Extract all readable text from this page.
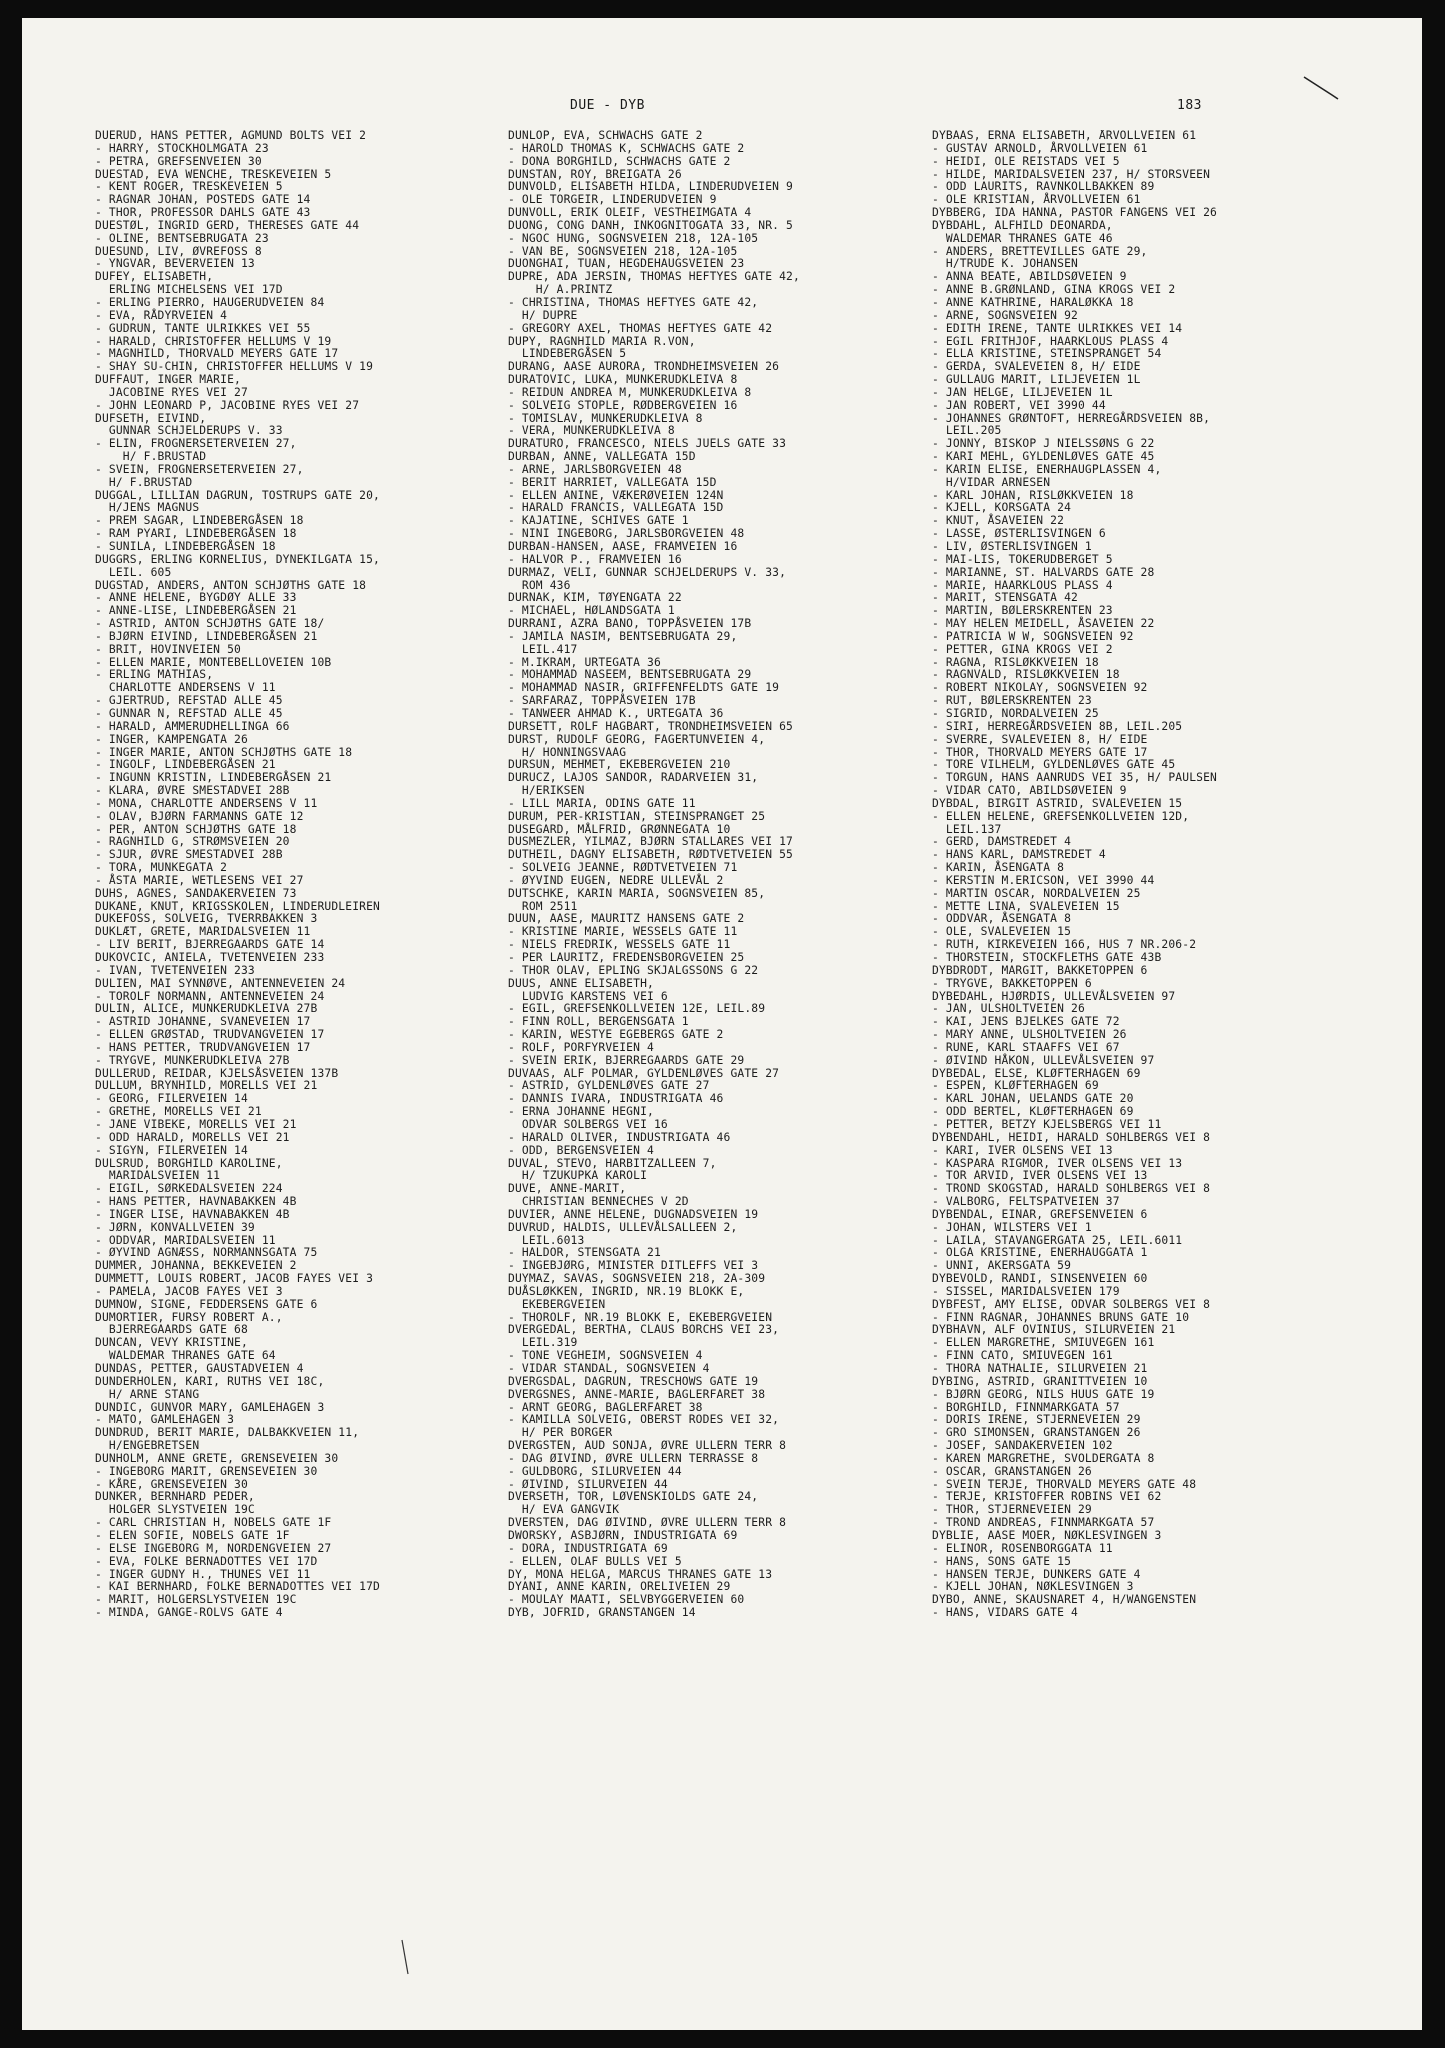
DUE - DYB	183
DUERUD, HANS PETTER, AGMUND BOLTS VEI 2
- HARRY, STOCKHOLMGATA 23
- PETRA, GREFSENVEIEN 30
DUESTAD, EVA WENCHE, TRESKEVEIEN 5
- KENT ROGER, TRESKEVEIEN 5
- RAGNAR JOHAN, POSTEDS GATE 14
- THOR, PROFESSOR DAHLS GATE 43
DUESTØL, INGRID GERD, THERESES GATE 44
- OLINE, BENTSEBRUGATA 23
DUESUND, LIV, ØVREFOSS 8
- YNGVAR, BEVERVEIEN 13
DUFEY, ELISABETH,
ERLING MICHELSENS VEI 17D
- ERLING PIERRO, HAUGERUDVEIEN 84
- EVA, RÅDYRVEIEN 4
- GUDRUN, TANTE ULRIKKES VEI 55
- HARALD, CHRISTOFFER HELLUMS V 19
- MAGNHILD, THORVALD MEYERS GATE 17
- SHAY SU-CHIN, CHRISTOFFER HELLUMS V 19
DUFFAUT, INGER MARIE,
JACOBINE RYES VEI 27
- JOHN LEONARD P, JACOBINE RYES VEI 27
DUFSETH, EIVIND,
GUNNAR SCHJELDERUPS V. 33
- ELIN, FROGNERSETERVEIEN 27,
H/ F.BRUSTAD
- SVEIN, FROGNERSETERVEIEN 27,
H/ F.BRUSTAD
DUGGAL, LILLIAN DAGRUN, TOSTRUPS GATE 20,
H/JENS MAGNUS
- PREM SAGAR, LINDEBERGÅSEN 18
- RAM PYARI, LINDEBERGÅSEN 18
- SUNILA, LINDEBERGÅSEN 18
DUGGRS, ERLING KORNELIUS, DYNEKILGATA 15,
LEIL. 605
DUGSTAD, ANDERS, ANTON SCHJØTHS GATE 18
- ANNE HELENE, BYGDØY ALLE 33
- ANNE-LISE, LINDEBERGÅSEN 21
- ASTRID, ANTON SCHJØTHS GATE 18/
- BJØRN EIVIND, LINDEBERGÅSEN 21
- BRIT, HOVINVEIEN 50
- ELLEN MARIE, MONTEBELLOVEIEN 10B
- ERLING MATHIAS,
CHARLOTTE ANDERSENS V 11
- GJERTRUD, REFSTAD ALLE 45
- GUNNAR N, REFSTAD ALLE 45
- HARALD, AMMERUDHELLINGA 66
- INGER, KAMPENGATA 26
- INGER MARIE, ANTON SCHJØTHS GATE 18
- INGOLF, LINDEBERGÅSEN 21
- INGUNN KRISTIN, LINDEBERGÅSEN 21
- KLARA, ØVRE SMESTADVEI 28B
- MONA, CHARLOTTE ANDERSENS V 11
- OLAV, BJØRN FARMANNS GATE 12
- PER, ANTON SCHJØTHS GATE 18
- RAGNHILD G, STRØMSVEIEN 20
- SJUR, ØVRE SMESTADVEI 28B
- TORA, MUNKEGATA 2
- ÅSTA MARIE, WETLESENS VEI 27
DUHS, AGNES, SANDAKERVEIEN 73
DUKANE, KNUT, KRIGSSKOLEN, LINDERUDLEIREN
DUKEFOSS, SOLVEIG, TVERRBAKKEN 3
DUKLÆT, GRETE, MARIDALSVEIEN 11
- LIV BERIT, BJERREGAARDS GATE 14
DUKOVCIC, ANIELA, TVETENVEIEN 233
- IVAN, TVETENVEIEN 233
DULIEN, MAI SYNNØVE, ANTENNEVEIEN 24
- TOROLF NORMANN, ANTENNEVEIEN 24
DULIN, ALICE, MUNKERUDKLEIVA 27B
- ASTRID JOHANNE, SVANEVEIEN 17
- ELLEN GRØSTAD, TRUDVANGVEIEN 17
- HANS PETTER, TRUDVANGVEIEN 17
- TRYGVE, MUNKERUDKLEIVA 27B
DULLERUD, REIDAR, KJELSÅSVEIEN 137B
DULLUM, BRYNHILD, MORELLS VEI 21
- GEORG, FILERVEIEN 14
- GRETHE, MORELLS VEI 21
- JANE VIBEKE, MORELLS VEI 21
- ODD HARALD, MORELLS VEI 21
- SIGYN, FILERVEIEN 14
DULSRUD, BORGHILD KAROLINE,
MARIDALSVEIEN 11
- EIGIL, SØRKEDALSVEIEN 224
- HANS PETTER, HAVNABAKKEN 4B
- INGER LISE, HAVNABAKKEN 4B
- JØRN, KONVALLVEIEN 39
- ODDVAR, MARIDALSVEIEN 11
- ØYVIND AGNÆSS, NORMANNSGATA 75
DUMMER, JOHANNA, BEKKEVEIEN 2
DUMMETT, LOUIS ROBERT, JACOB FAYES VEI 3
- PAMELA, JACOB FAYES VEI 3
DUMNOW, SIGNE, FEDDERSENS GATE 6
DUMORTIER, FURSY ROBERT A.,
BJERREGAARDS GATE 68
DUNCAN, VEVY KRISTINE,
WALDEMAR THRANES GATE 64
DUNDAS, PETTER, GAUSTADVEIEN 4
DUNDERHOLEN, KARI, RUTHS VEI 18C,
H/ ARNE STANG
DUNDIC, GUNVOR MARY, GAMLEHAGEN 3
- MATO, GAMLEHAGEN 3
DUNDRUD, BERIT MARIE, DALBAKKVEIEN 11,
H/ENGEBRETSEN
DUNHOLM, ANNE GRETE, GRENSEVEIEN 30
- INGEBORG MARIT, GRENSEVEIEN 30
- KÅRE, GRENSEVEIEN 30
DUNKER, BERNHARD PEDER,
HOLGER SLYSTVEIEN 19C
- CARL CHRISTIAN H, NOBELS GATE 1F
- ELEN SOFIE, NOBELS GATE 1F
- ELSE INGEBORG M, NORDENGVEIEN 27
- EVA, FOLKE BERNADOTTES VEI 17D
- INGER GUDNY H., THUNES VEI 11
- KAI BERNHARD, FOLKE BERNADOTTES VEI 17D
- MARIT, HOLGERSLYSTVEIEN 19C
- MINDA, GANGE-ROLVS GATE 4
DUNLOP, EVA, SCHWACHS GATE 2
- HAROLD THOMAS K, SCHWACHS GATE 2
- DONA BORGHILD, SCHWACHS GATE 2
DUNSTAN, ROY, BREIGATA 26
DUNVOLD, ELISABETH HILDA, LINDERUDVEIEN 9
- OLE TORGEIR, LINDERUDVEIEN 9
DUNVOLL, ERIK OLEIF, VESTHEIMGATA 4
DUONG, CONG DANH, INKOGNITOGATA 33, NR. 5
- NGOC HUNG, SOGNSVEIEN 218, 12A-105
- VAN BE, SOGNSVEIEN 218, 12A-105
DUONGHAI, TUAN, HEGDEHAUGSVEIEN 23
DUPRE, ADA JERSIN, THOMAS HEFTYES GATE 42,
H/ A.PRINTZ
- CHRISTINA, THOMAS HEFTYES GATE 42,
H/ DUPRE
- GREGORY AXEL, THOMAS HEFTYES GATE 42
DUPY, RAGNHILD MARIA R.VON,
LINDEBERGÅSEN 5
DURANG, AASE AURORA, TRONDHEIMSVEIEN 26
DURATOVIC, LUKA, MUNKERUDKLEIVA 8
- REIDUN ANDREA M, MUNKERUDKLEIVA 8
- SOLVEIG STOPLE, RØDBERGVEIEN 16
- TOMISLAV, MUNKERUDKLEIVA 8
- VERA, MUNKERUDKLEIVA 8
DURATURO, FRANCESCO, NIELS JUELS GATE 33
DURBAN, ANNE, VALLEGATA 15D
- ARNE, JARLSBORGVEIEN 48
- BERIT HARRIET, VALLEGATA 15D
- ELLEN ANINE, VÆKERØVEIEN 124N
- HARALD FRANCIS, VALLEGATA 15D
- KAJATINE, SCHIVES GATE 1
- NINI INGEBORG, JARLSBORGVEIEN 48
DURBAN-HANSEN, AASE, FRAMVEIEN 16
- HALVOR P., FRAMVEIEN 16
DURMAZ, VELI, GUNNAR SCHJELDERUPS V. 33,
ROM 436
DURNAK, KIM, TØYENGATA 22
- MICHAEL, HØLANDSGATA 1
DURRANI, AZRA BANO, TOPPÅSVEIEN 17B
- JAMILA NASIM, BENTSEBRUGATA 29,
LEIL.417
- M.IKRAM, URTEGATA 36
- MOHAMMAD NASEEM, BENTSEBRUGATA 29
- MOHAMMAD NASIR, GRIFFENFELDTS GATE 19
- SARFARAZ, TOPPÅSVEIEN 17B
- TANWEER AHMAD K., URTEGATA 36
DURSETT, ROLF HAGBART, TRONDHEIMSVEIEN 65
DURST, RUDOLF GEORG, FAGERTUNVEIEN 4,
H/ HONNINGSVAAG
DURSUN, MEHMET, EKEBERGVEIEN 210
DURUCZ, LAJOS SANDOR, RADARVEIEN 31,
H/ERIKSEN
- LILL MARIA, ODINS GATE 11
DURUM, PER-KRISTIAN, STEINSPRANGET 25
DUSEGARD, MÅLFRID, GRØNNEGATA 10
DUSMEZLER, YILMAZ, BJØRN STALLARES VEI 17
DUTHEIL, DAGNY ELISABETH, RØDTVETVEIEN 55
- SOLVEIG JEANNE, RØDTVETVEIEN 71
- ØYVIND EUGEN, NEDRE ULLEVÅL 2
DUTSCHKE, KARIN MARIA, SOGNSVEIEN 85,
ROM 2511
DUUN, AASE, MAURITZ HANSENS GATE 2
- KRISTINE MARIE, WESSELS GATE 11
- NIELS FREDRIK, WESSELS GATE 11
- PER LAURITZ, FREDENSBORGVEIEN 25
- THOR OLAV, EPLING SKJALGSSONS G 22
DUUS, ANNE ELISABETH,
LUDVIG KARSTENS VEI 6
- EGIL, GREFSENKOLLVEIEN 12E, LEIL.89
- FINN ROLL, BERGENSGATA 1
- KARIN, WESTYE EGEBERGS GATE 2
- ROLF, PORFYRVEIEN 4
- SVEIN ERIK, BJERREGAARDS GATE 29
DUVAAS, ALF POLMAR, GYLDENLØVES GATE 27
- ASTRID, GYLDENLØVES GATE 27
- DANNIS IVARA, INDUSTRIGATA 46
- ERNA JOHANNE HEGNI,
ODVAR SOLBERGS VEI 16
- HARALD OLIVER, INDUSTRIGATA 46
- ODD, BERGENSVEIEN 4
DUVAL, STEVO, HARBITZALLEEN 7,
H/ TZUKUPKA KAROLI
DUVE, ANNE-MARIT,
CHRISTIAN BENNECHES V 2D
DUVIER, ANNE HELENE, DUGNADSVEIEN 19
DUVRUD, HALDIS, ULLEVÅLSALLEEN 2,
LEIL.6013
- HALDOR, STENSGATA 21
- INGEBJØRG, MINISTER DITLEFFS VEI 3
DUYMAZ, SAVAS, SOGNSVEIEN 218, 2A-309
DUÅSLØKKEN, INGRID, NR.19 BLOKK E,
EKEBERGVEIEN
- THOROLF, NR.19 BLOKK E, EKEBERGVEIEN
DVERGEDAL, BERTHA, CLAUS BORCHS VEI 23,
LEIL.319
- TONE VEGHEIM, SOGNSVEIEN 4
- VIDAR STANDAL, SOGNSVEIEN 4
DVERGSDAL, DAGRUN, TRESCHOWS GATE 19
DVERGSNES, ANNE-MARIE, BAGLERFARET 38
- ARNT GEORG, BAGLERFARET 38
- KAMILLA SOLVEIG, OBERST RODES VEI 32,
H/ PER BORGER
DVERGSTEN, AUD SONJA, ØVRE ULLERN TERR 8
- DAG ØIVIND, ØVRE ULLERN TERRASSE 8
- GULDBORG, SILURVEIEN 44
- ØIVIND, SILURVEIEN 44
DVERSETH, TOR, LØVENSKIOLDS GATE 24,
H/ EVA GANGVIK
DVERSTEN, DAG ØIVIND, ØVRE ULLERN TERR 8
DWORSKY, ASBJØRN, INDUSTRIGATA 69
- DORA, INDUSTRIGATA 69
- ELLEN, OLAF BULLS VEI 5
DY, MONA HELGA, MARCUS THRANES GATE 13
DYANI, ANNE KARIN, ORELIVEIEN 29
- MOULAY MAATI, SELVBYGGERVEIEN 60
DYB, JOFRID, GRANSTANGEN 14
DYBAAS, ERNA ELISABETH, ÅRVOLLVEIEN 61
- GUSTAV ARNOLD, ÅRVOLLVEIEN 61
- HEIDI, OLE REISTADS VEI 5
- HILDE, MARIDALSVEIEN 237, H/ STORSVEEN
- ODD LAURITS, RAVNKOLLBAKKEN 89
- OLE KRISTIAN, ÅRVOLLVEIEN 61
DYBBERG, IDA HANNA, PASTOR FANGENS VEI 26
DYBDAHL, ALFHILD DEONARDA,
WALDEMAR THRANES GATE 46
- ANDERS, BRETTEVILLES GATE 29,
H/TRUDE K. JOHANSEN
- ANNA BEATE, ABILDSØVEIEN 9
- ANNE B.GRØNLAND, GINA KROGS VEI 2
- ANNE KATHRINE, HARALØKKA 18
- ARNE, SOGNSVEIEN 92
- EDITH IRENE, TANTE ULRIKKES VEI 14
- EGIL FRITHJOF, HAARKLOUS PLASS 4
- ELLA KRISTINE, STEINSPRANGET 54
- GERDA, SVALEVEIEN 8, H/ EIDE
- GULLAUG MARIT, LILJEVEIEN 1L
- JAN HELGE, LILJEVEIEN 1L
- JAN ROBERT, VEI 3990 44
- JOHANNES GRØNTOFT, HERREGÅRDSVEIEN 8B,
LEIL.205
- JONNY, BISKOP J NIELSSØNS G 22
- KARI MEHL, GYLDENLØVES GATE 45
- KARIN ELISE, ENERHAUGPLASSEN 4,
H/VIDAR ARNESEN
- KARL JOHAN, RISLØKKVEIEN 18
- KJELL, KORSGATA 24
- KNUT, ÅSAVEIEN 22
- LASSE, ØSTERLISVINGEN 6
- LIV, ØSTERLISVINGEN 1
- MAI-LIS, TOKERUDBERGET 5
- MARIANNE, ST. HALVARDS GATE 28
- MARIE, HAARKLOUS PLASS 4
- MARIT, STENSGATA 42
- MARTIN, BØLERSKRENTEN 23
- MAY HELEN MEIDELL, ÅSAVEIEN 22
- PATRICIA W W, SOGNSVEIEN 92
- PETTER, GINA KROGS VEI 2
- RAGNA, RISLØKKVEIEN 18
- RAGNVALD, RISLØKKVEIEN 18
- ROBERT NIKOLAY, SOGNSVEIEN 92
- RUT, BØLERSKRENTEN 23
- SIGRID, NORDALVEIEN 25
- SIRI, HERREGÅRDSVEIEN 8B, LEIL.205
- SVERRE, SVALEVEIEN 8, H/ EIDE
- THOR, THORVALD MEYERS GATE 17
- TORE VILHELM, GYLDENLØVES GATE 45
- TORGUN, HANS AANRUDS VEI 35, H/ PAULSEN
- VIDAR CATO, ABILDSØVEIEN 9
DYBDAL, BIRGIT ASTRID, SVALEVEIEN 15
- ELLEN HELENE, GREFSENKOLLVEIEN 12D,
LEIL.137
- GERD, DAMSTREDET 4
- HANS KARL, DAMSTREDET 4
- KARIN, ÅSENGATA 8
- KERSTIN M.ERICSON, VEI 3990 44
- MARTIN OSCAR, NORDALVEIEN 25
- METTE LINA, SVALEVEIEN 15
- ODDVAR, ÅSENGATA 8
- OLE, SVALEVEIEN 15
- RUTH, KIRKEVEIEN 166, HUS 7 NR.206-2
- THORSTEIN, STOCKFLETHS GATE 43B
DYBDRODT, MARGIT, BAKKETOPPEN 6
- TRYGVE, BAKKETOPPEN 6
DYBEDAHL, HJØRDIS, ULLEVÅLSVEIEN 97
- JAN, ULSHOLTVEIEN 26
- KAI, JENS BJELKES GATE 72
- MARY ANNE, ULSHOLTVEIEN 26
- RUNE, KARL STAAFFS VEI 67
- ØIVIND HÅKON, ULLEVÅLSVEIEN 97
DYBEDAL, ELSE, KLØFTERHAGEN 69
- ESPEN, KLØFTERHAGEN 69
- KARL JOHAN, UELANDS GATE 20
- ODD BERTEL, KLØFTERHAGEN 69
- PETTER, BETZY KJELSBERGS VEI 11
DYBENDAHL, HEIDI, HARALD SOHLBERGS VEI 8
- KARI, IVER OLSENS VEI 13
- KASPARA RIGMOR, IVER OLSENS VEI 13
- TOR ARVID, IVER OLSENS VEI 13
- TROND SKOGSTAD, HARALD SOHLBERGS VEI 8
- VALBORG, FELTSPATVEIEN 37
DYBENDAL, EINAR, GREFSENVEIEN 6
- JOHAN, WILSTERS VEI 1
- LAILA, STAVANGERGATA 25, LEIL.6011
- OLGA KRISTINE, ENERHAUGGATA 1
- UNNI, AKERSGATA 59
DYBEVOLD, RANDI, SINSENVEIEN 60
- SISSEL, MARIDALSVEIEN 179
DYBFEST, AMY ELISE, ODVAR SOLBERGS VEI 8
- FINN RAGNAR, JOHANNES BRUNS GATE 10
DYBHAVN, ALF OVINIUS, SILURVEIEN 21
- ELLEN MARGRETHE, SMIUVEGEN 161
- FINN CATO, SMIUVEGEN 161
- THORA NATHALIE, SILURVEIEN 21
DYBING, ASTRID, GRANITTVEIEN 10
- BJØRN GEORG, NILS HUUS GATE 19
- BORGHILD, FINNMARKGATA 57
- DORIS IRENE, STJERNEVEIEN 29
- GRO SIMONSEN, GRANSTANGEN 26
- JOSEF, SANDAKERVEIEN 102
- KAREN MARGRETHE, SVOLDERGATA 8
- OSCAR, GRANSTANGEN 26
- SVEIN TERJE, THORVALD MEYERS GATE 48
- TERJE, KRISTOFFER ROBINS VEI 62
- THOR, STJERNEVEIEN 29
- TROND ANDREAS, FINNMARKGATA 57
DYBLIE, AASE MOER, NØKLESVINGEN 3
- ELINOR, ROSENBORGGATA 11
- HANS, SONS GATE 15
- HANSEN TERJE, DUNKERS GATE 4
- KJELL JOHAN, NØKLESVINGEN 3
DYBO, ANNE, SKAUSNARET 4, H/WANGENSTEN
- HANS, VIDARS GATE 4
